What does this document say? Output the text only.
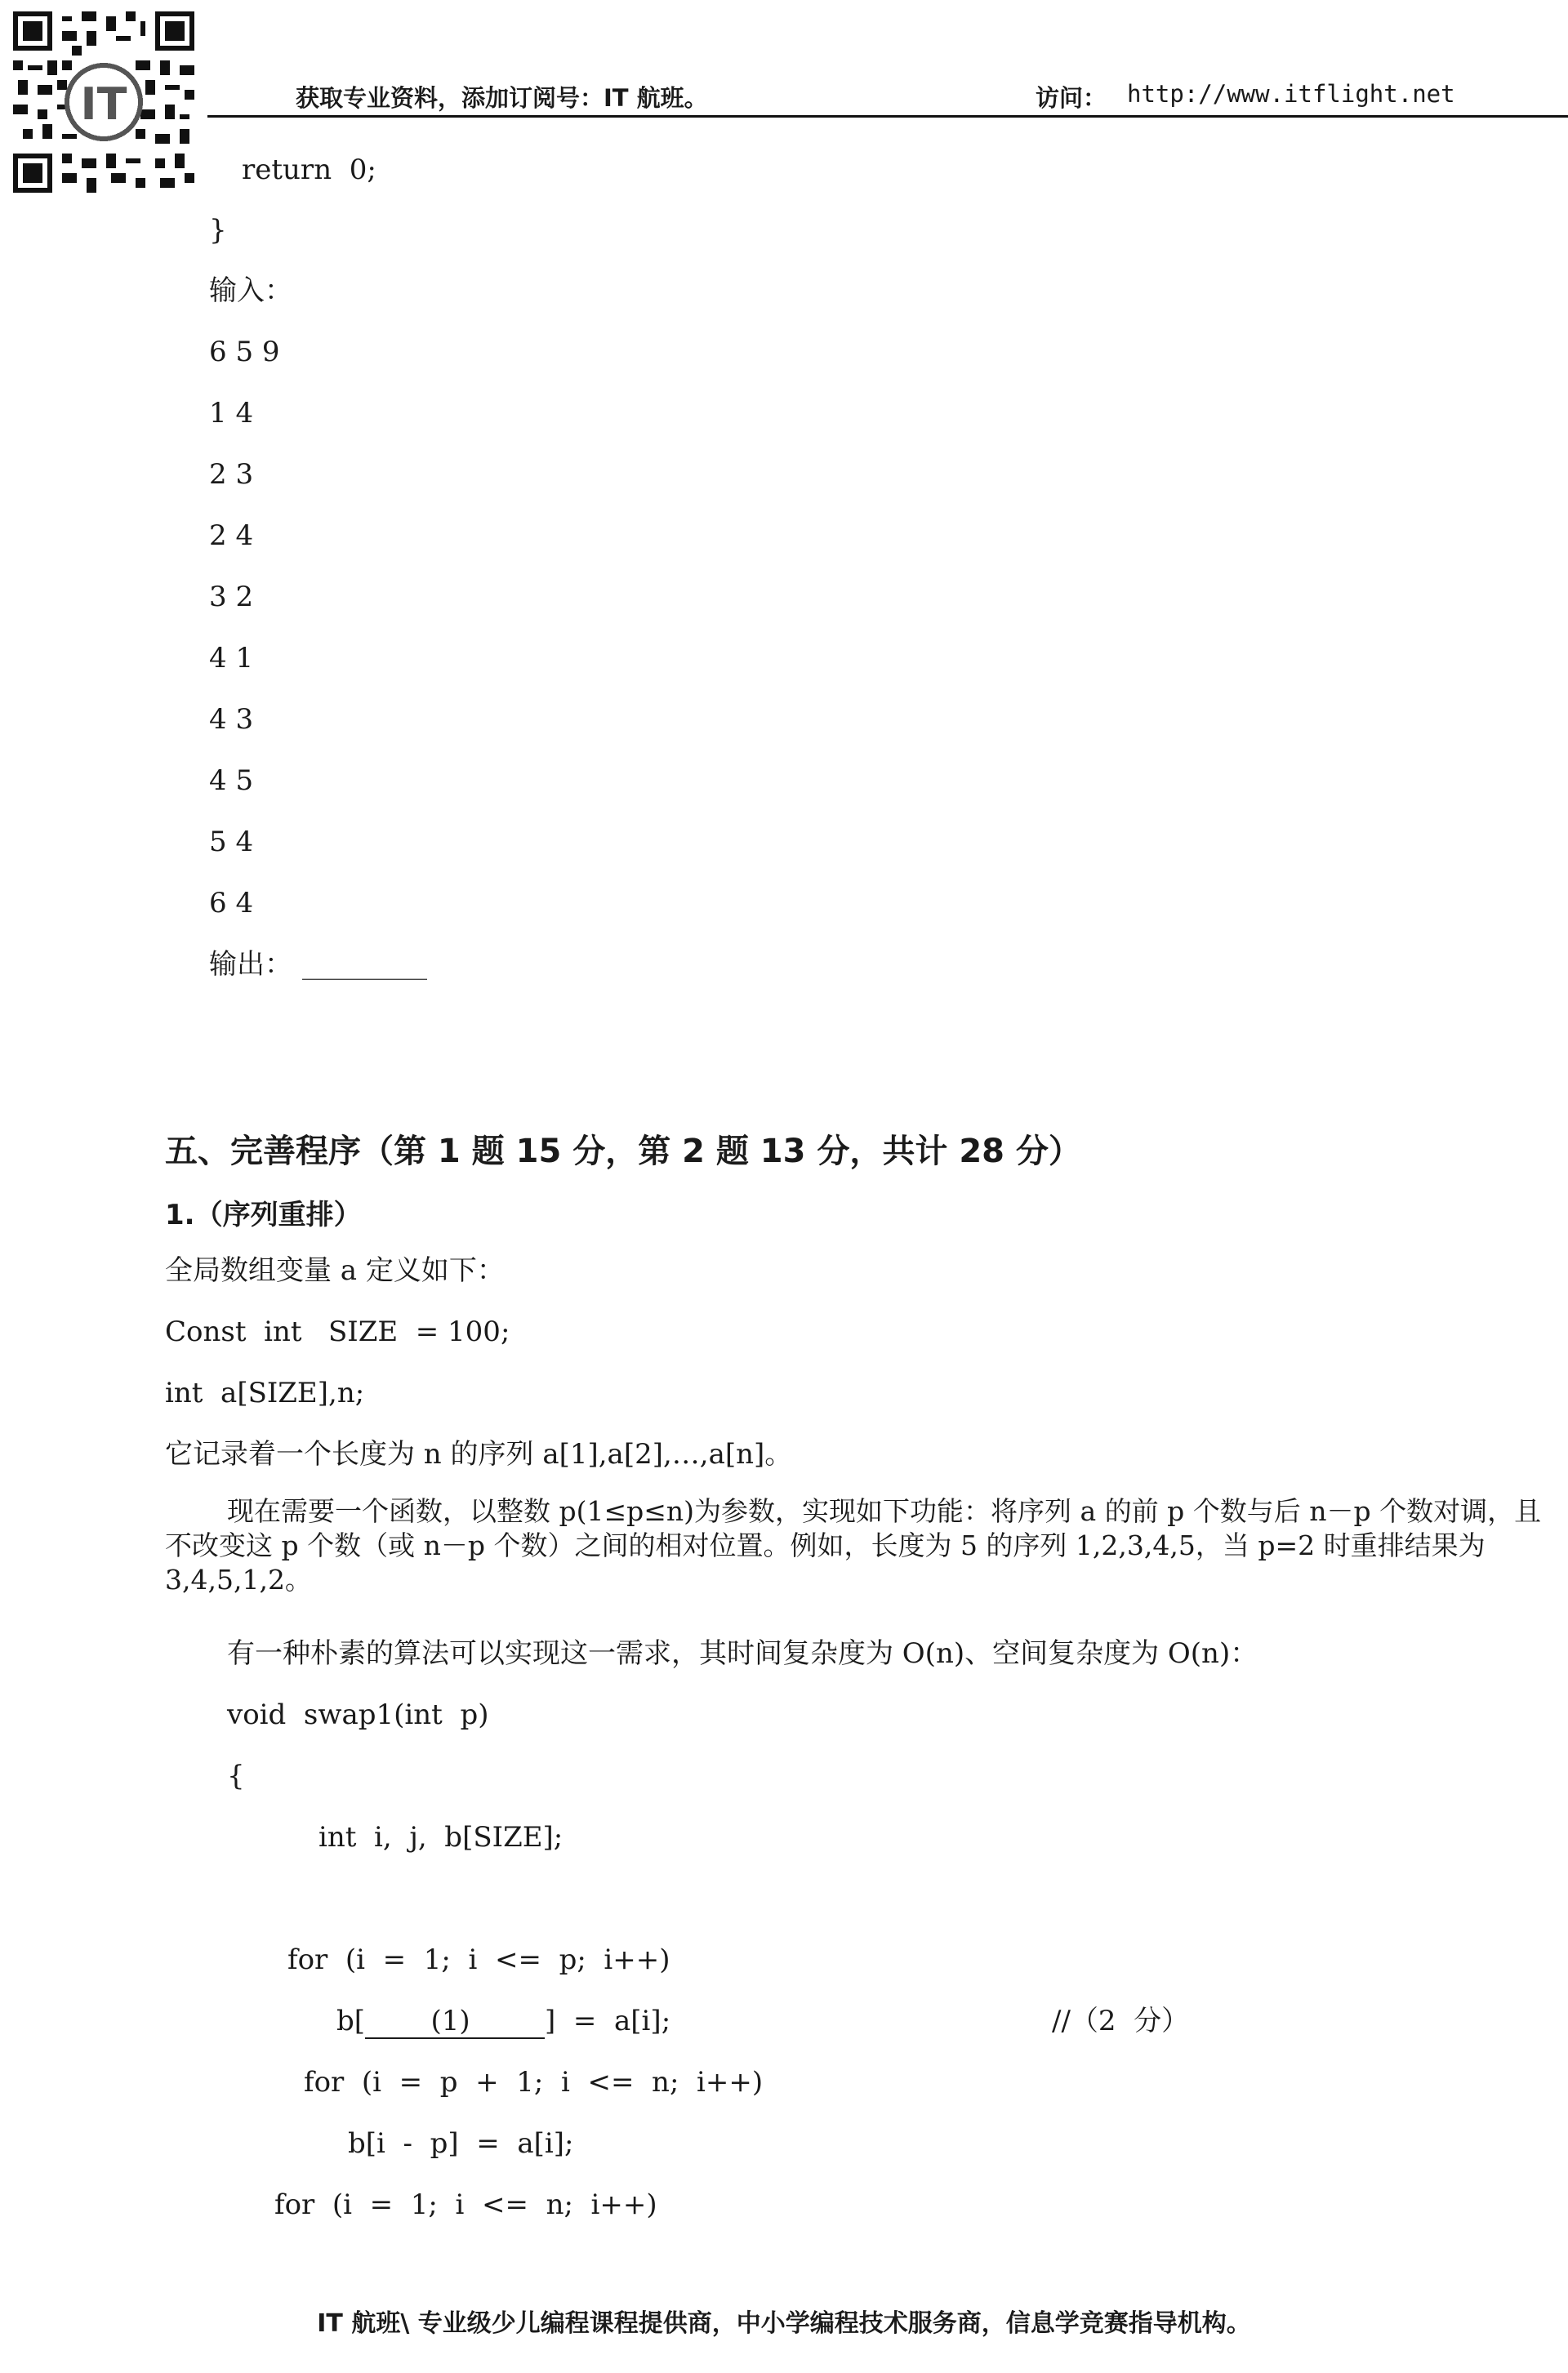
IT	获取专业资料，添加订阅号：IT 航班。	访问： http://www.itflight.net
return  0;
}
输入：
6 5 9
1 4
2 3
2 4
3 2
4 1
4 3
4 5
5 4
6 4
输出： _________
五、完善程序（第 1 题 15 分，第 2 题 13 分，共计 28 分）
1.（序列重排）
全局数组变量 a 定义如下：
Const  int   SIZE  = 100;
int  a[SIZE],n;
它记录着一个长度为 n 的序列 a[1],a[2],…,a[n]。
现在需要一个函数，以整数 p(1≤p≤n)为参数，实现如下功能：将序列 a 的前 p 个数与后 n－p 个数对调，且不改变这 p 个数（或 n－p 个数）之间的相对位置。例如，长度为 5 的序列 1,2,3,4,5，当 p=2 时重排结果为 3,4,5,1,2。
有一种朴素的算法可以实现这一需求，其时间复杂度为 O(n)、空间复杂度为 O(n)：
void  swap1(int  p)
{
int  i,  j,  b[SIZE];
for  (i  =  1;  i  <=  p;  i++)
b[  (1)   ]  =  a[i];	//（2  分）
for  (i  =  p  +  1;  i  <=  n;  i++)
b[i  -  p]  =  a[i];
for  (i  =  1;  i  <=  n;  i++)
IT 航班\ 专业级少儿编程课程提供商，中小学编程技术服务商，信息学竞赛指导机构。
